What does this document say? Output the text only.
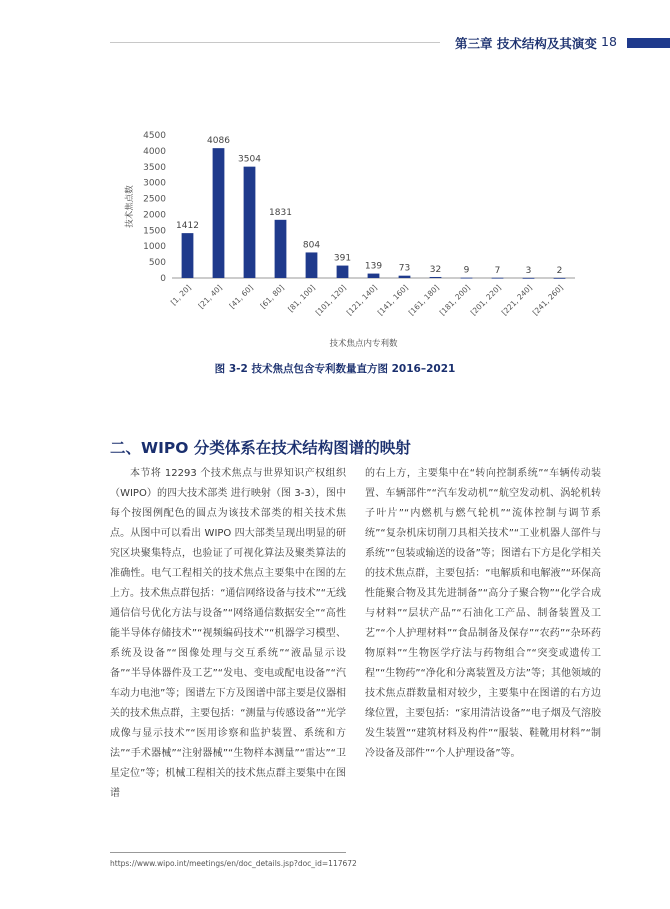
第三章 技术结构及其演变 18
0
500
1000
1500
2000
2500
3000
3500
4000
4500
1412
[1, 20]
4086
[21, 40]
3504
[41, 60]
1831
[61, 80]
804
[81, 100]
391
[101, 120]
139
[121, 140]
73
[141, 160]
32
[161, 180]
9
[181, 200]
7
[201, 220]
3
[221, 240]
2
[241, 260]
技术焦点数
技术焦点内专利数
图 3-2 技术焦点包含专利数量直方图 2016–2021
二、WIPO 分类体系在技术结构图谱的映射

本节将 12293 个技术焦点与世界知识产权组织（WIPO）的四大技术部类 进行映射（图 3-3），图中每个按图例配色的圆点为该技术部类的相关技术焦点。从图中可以看出 WIPO 四大部类呈现出明显的研究区块聚集特点，也验证了可视化算法及聚类算法的准确性。电气工程相关的技术焦点主要集中在图的左上方。技术焦点群包括：“通信网络设备与技术”“无线通信信号优化方法与设备”“网络通信数据安全”“高性能半导体存储技术”“视频编码技术”“机器学习模型、系统及设备”“图像处理与交互系统”“液晶显示设备”“半导体器件及工艺”“发电、变电或配电设备”“汽车动力电池”等；图谱左下方及图谱中部主要是仪器相关的技术焦点群，主要包括：“测量与传感设备”“光学成像与显示技术”“医用诊察和监护装置、系统和方法”“手术器械”“注射器械”“生物样本测量”“雷达”“卫星定位”等；机械工程相关的技术焦点群主要集中在图谱

的右上方，主要集中在“转向控制系统”“车辆传动装置、车辆部件”“汽车发动机”“航空发动机、涡轮机转子叶片”“内燃机与燃气轮机”“流体控制与调节系统”“复杂机床切削刀具相关技术”“工业机器人部件与系统”“包装或输送的设备”等；图谱右下方是化学相关的技术焦点群，主要包括：“电解质和电解液”“环保高性能聚合物及其先进制备”“高分子聚合物”“化学合成与材料”“层状产品”“石油化工产品、制备装置及工艺”“个人护理材料”“食品制备及保存”“农药”“杂环药物原料”“生物医学疗法与药物组合”“突变或遗传工程”“生物药”“净化和分离装置及方法”等；其他领域的技术焦点群数量相对较少，主要集中在图谱的右方边缘位置，主要包括：“家用清洁设备”“电子烟及气溶胶发生装置”“建筑材料及构件”“服装、鞋靴用材料”“制冷设备及部件”“个人护理设备”等。

https://www.wipo.int/meetings/en/doc_details.jsp?doc_id=117672
